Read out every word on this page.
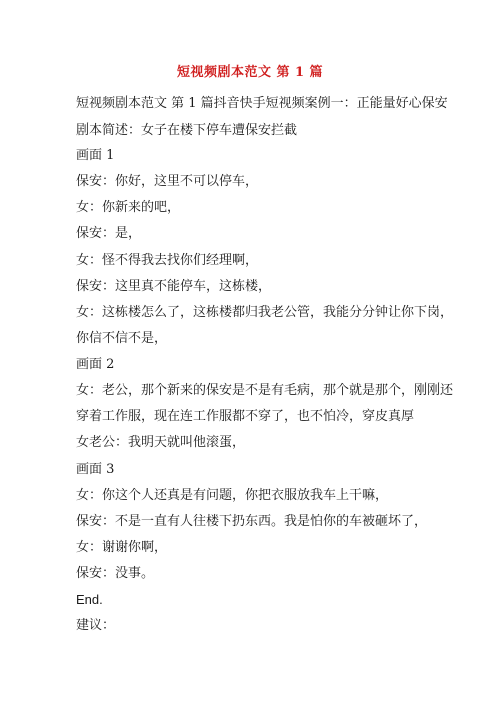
短视频剧本范文 第 1 篇
短视频剧本范文 第 1 篇抖音快手短视频案例一：正能量好心保安
剧本简述：女子在楼下停车遭保安拦截
画面 1
保安：你好，这里不可以停车，
女：你新来的吧，
保安：是，
女：怪不得我去找你们经理啊，
保安：这里真不能停车，这栋楼，
女：这栋楼怎么了，这栋楼都归我老公管，我能分分钟让你下岗，
你信不信不是，
画面 2
女：老公，那个新来的保安是不是有毛病，那个就是那个，刚刚还
穿着工作服，现在连工作服都不穿了，也不怕冷，穿皮真厚
女老公：我明天就叫他滚蛋，
画面 3
女：你这个人还真是有问题，你把衣服放我车上干嘛，
保安：不是一直有人往楼下扔东西。我是怕你的车被砸坏了，
女：谢谢你啊，
保安：没事。
End.
建议：
